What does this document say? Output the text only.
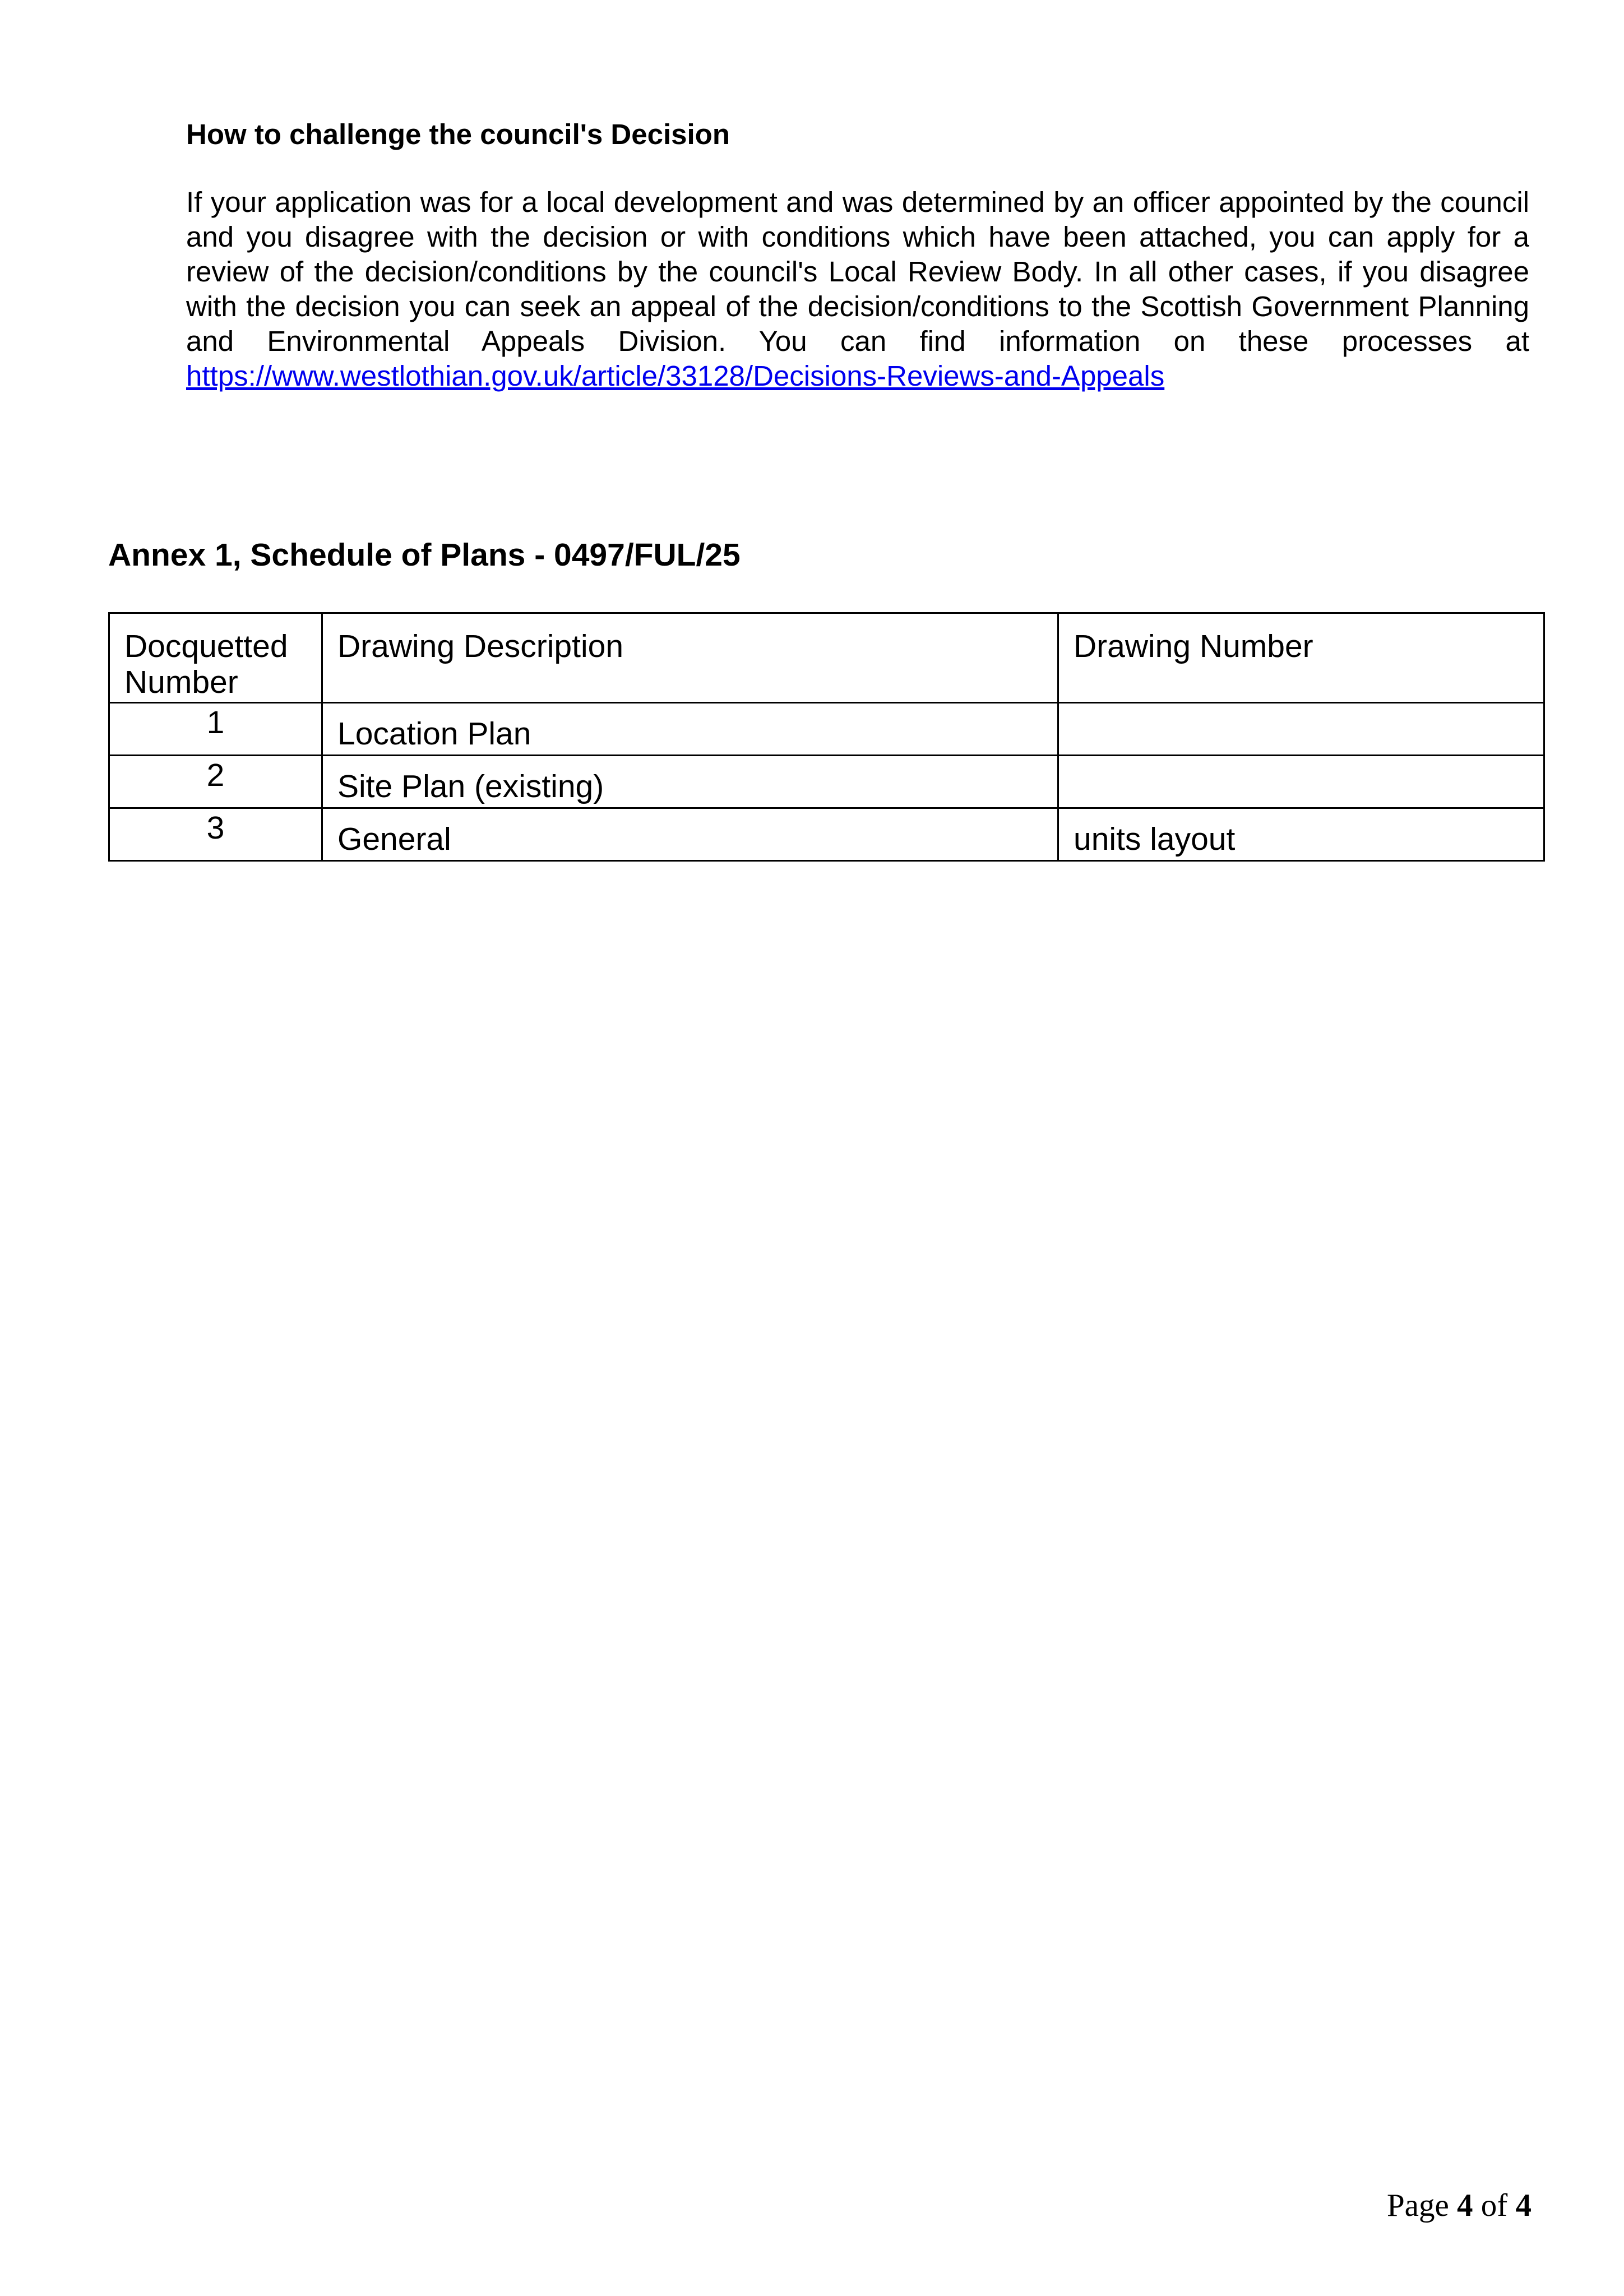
How to challenge the council's Decision

If your application was for a local development and was determined by an officer appointed by the council and you disagree with the decision or with conditions which have been attached, you can apply for a review of the decision/conditions by the council's Local Review Body. In all other cases, if you disagree with the decision you can seek an appeal of the decision/conditions to the Scottish Government Planning and Environmental Appeals Division. You can find information on these processes at https://www.westlothian.gov.uk/article/33128/Decisions-Reviews-and-Appeals

Annex 1, Schedule of Plans - 0497/FUL/25
Docquetted Number	Drawing Description	Drawing Number
1	Location Plan	
2	Site Plan (existing)	
3	General	units layout
Page 4 of 4
